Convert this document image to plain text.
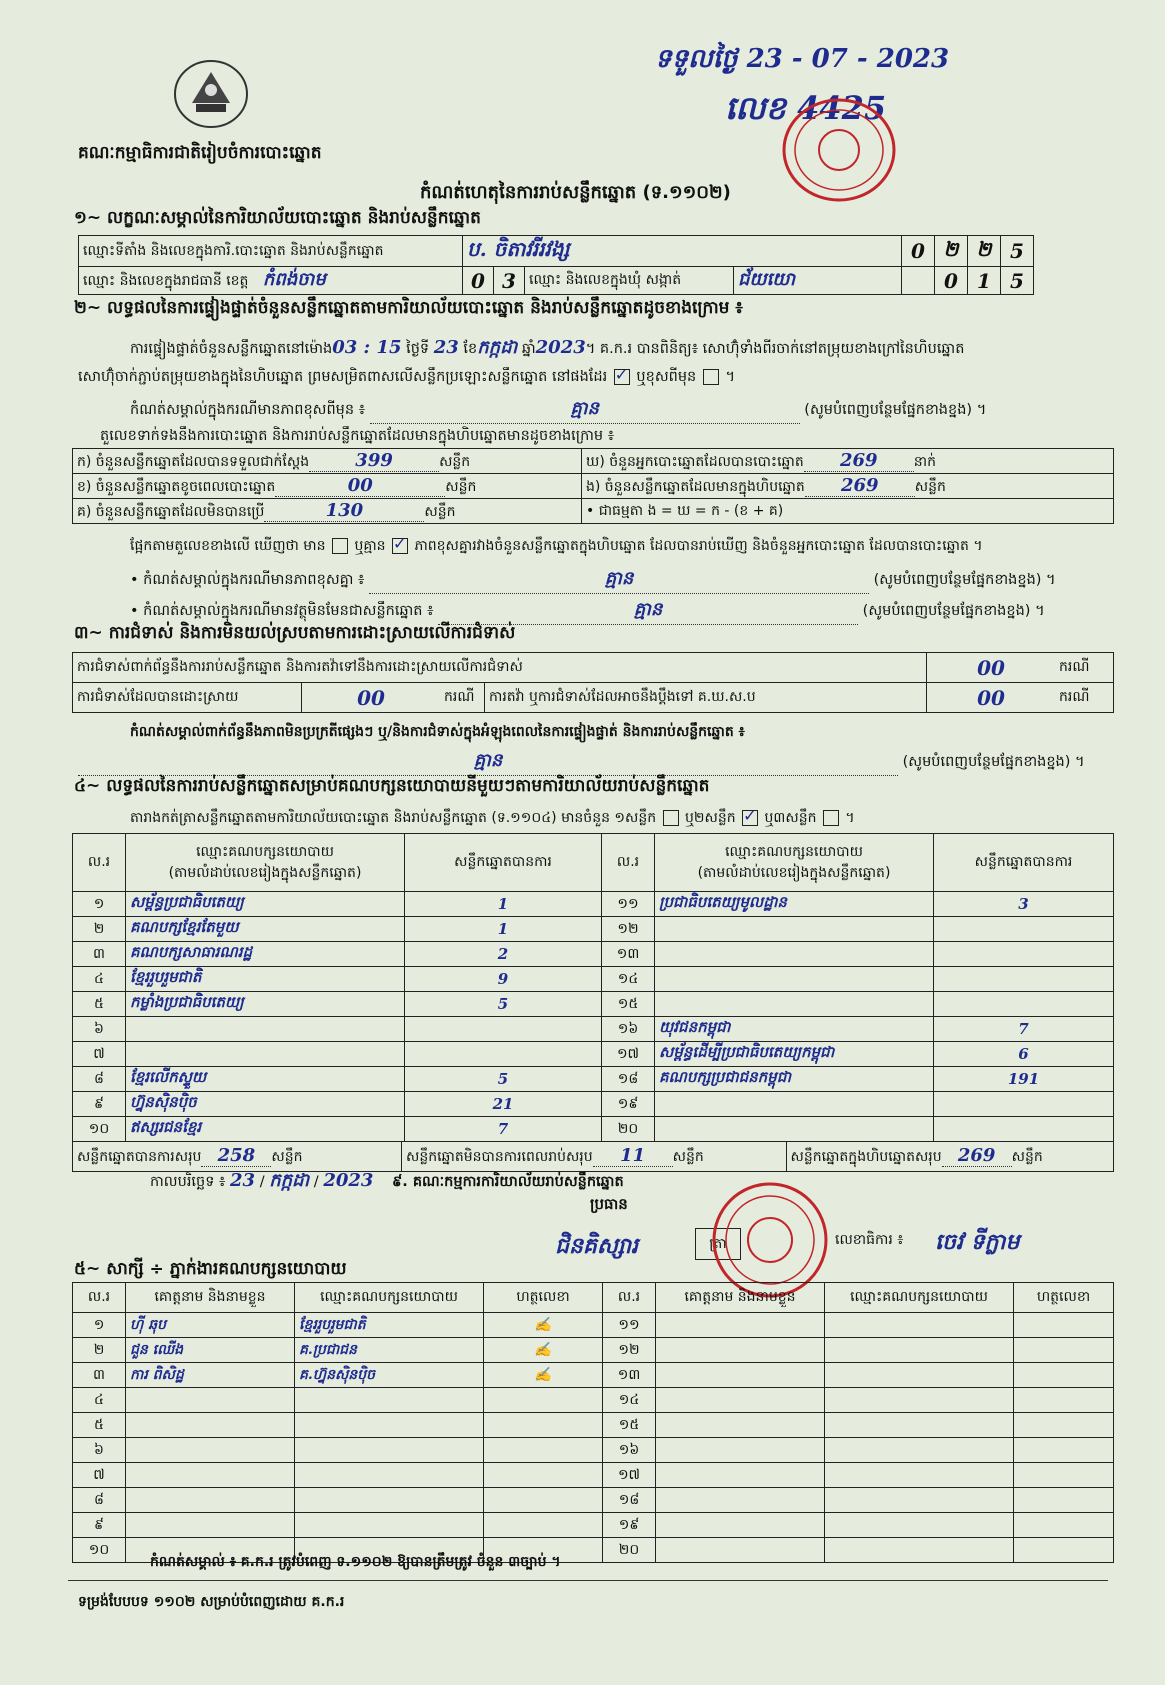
គណៈកម្មាធិការជាតិរៀបចំការបោះឆ្នោត
ទទួល​ថ្ងៃ 23 - 07 - 2023
លេខ 4425
កំណត់ហេតុនៃការរាប់សន្លឹកឆ្នោត (ទ.១១០២)
១~ លក្ខណៈសម្គាល់នៃការិយាល័យបោះឆ្នោត និងរាប់សន្លឹកឆ្នោត
ឈ្មោះទីតាំង និងលេខក្នុងការិ.បោះឆ្នោត និងរាប់សន្លឹកឆ្នោត	ប. ចិតាវរីរវង្ស				0	២	២	5
ឈ្មោះ និងលេខក្នុងរាជធានី ខេត្ត កំពង់ចាម	0	3	ឈ្មោះ និងលេខក្នុងឃុំ សង្កាត់	ជ័យយោ		0	1	5
២~ លទ្ធផលនៃការផ្ទៀងផ្ទាត់ចំនួនសន្លឹកឆ្នោតតាមការិយាល័យបោះឆ្នោត និងរាប់សន្លឹកឆ្នោតដូចខាងក្រោម ៖
ការផ្ទៀងផ្ទាត់ចំនួនសន្លឹកឆ្នោតនៅម៉ោង03 : 15 ថ្ងៃទី 23 ខែកក្កដា ឆ្នាំ2023។ គ.ក.រ បានពិនិត្យ៖ សោហ៊ុំទាំងពីរចាក់នៅតម្រុយខាងក្រៅនៃហិបឆ្នោត
សោហ៊ុំចាក់ភ្ជាប់តម្រុយខាងក្នុងនៃហិបឆ្នោត ព្រមសម្រិតពាសលើសន្លឹកប្រឡោះសន្លឹកឆ្នោត នៅផងដែរ ✓ ឬខុសពីមុន  ។
កំណត់សម្គាល់ក្នុងករណីមានភាពខុសពីមុន ៖	គ្មាន	(សូមបំពេញបន្ថែមផ្នែកខាងខ្នង) ។
តួលេខទាក់ទងនឹងការបោះឆ្នោត និងការរាប់សន្លឹកឆ្នោតដែលមានក្នុងហិបឆ្នោតមានដូចខាងក្រោម ៖
ក) ចំនួនសន្លឹកឆ្នោតដែលបានទទួលជាក់ស្តែង 399 សន្លឹក	ឃ) ចំនួនអ្នកបោះឆ្នោតដែលបានបោះឆ្នោត 269 នាក់
ខ) ចំនួនសន្លឹកឆ្នោតខូចពេលបោះឆ្នោត 00 សន្លឹក	ង) ចំនួនសន្លឹកឆ្នោតដែលមានក្នុងហិបឆ្នោត 269 សន្លឹក
គ) ចំនួនសន្លឹកឆ្នោតដែលមិនបានប្រើ 130 សន្លឹក	• ជាធម្មតា ង = ឃ = ក - (ខ + គ)
ផ្អែកតាមតួលេខខាងលើ ឃើញថា មាន ឬគ្មាន ✓ ភាពខុសគ្នារវាងចំនួនសន្លឹកឆ្នោតក្នុងហិបឆ្នោត ដែលបានរាប់ឃើញ និងចំនួនអ្នកបោះឆ្នោត ដែលបានបោះឆ្នោត ។
• កំណត់សម្គាល់ក្នុងករណីមានភាពខុសគ្នា ៖	គ្មាន	(សូមបំពេញបន្ថែមផ្នែកខាងខ្នង) ។
• កំណត់សម្គាល់ក្នុងករណីមានវត្ថុមិនមែនជាសន្លឹកឆ្នោត ៖	គ្មាន	(សូមបំពេញបន្ថែមផ្នែកខាងខ្នង) ។
៣~ ការជំទាស់ និងការមិនយល់ស្របតាមការដោះស្រាយលើការជំទាស់
ការជំទាស់ពាក់ព័ន្ធនឹងការរាប់សន្លឹកឆ្នោត និងការតវ៉ាទៅនឹងការដោះស្រាយលើការជំទាស់				00	ករណី
ការជំទាស់ដែលបានដោះស្រាយ	00	ករណី	ការតវ៉ា ឬការជំទាស់ដែលអាចនឹងប្តឹងទៅ គ.ឃ.ស.ប	00	ករណី
កំណត់សម្គាល់ពាក់ព័ន្ធនឹងភាពមិនប្រក្រតីផ្សេងៗ ឬ/និងការជំទាស់ក្នុងអំឡុងពេលនៃការផ្ទៀងផ្ទាត់ និងការរាប់សន្លឹកឆ្នោត ៖
គ្មាន	(សូមបំពេញបន្ថែមផ្នែកខាងខ្នង) ។
៤~ លទ្ធផលនៃការរាប់សន្លឹកឆ្នោតសម្រាប់គណបក្សនយោបាយនីមួយៗតាមការិយាល័យរាប់សន្លឹកឆ្នោត
តារាងកត់ត្រាសន្លឹកឆ្នោតតាមការិយាល័យបោះឆ្នោត និងរាប់សន្លឹកឆ្នោត (ទ.១១០៤) មានចំនួន ១សន្លឹក ឬ២សន្លឹក ✓ ឬ៣សន្លឹក  ។
ល.រ	ឈ្មោះគណបក្សនយោបាយ
(តាមលំដាប់លេខរៀងក្នុងសន្លឹកឆ្នោត)	សន្លឹកឆ្នោតបានការ	ល.រ	ឈ្មោះគណបក្សនយោបាយ
(តាមលំដាប់លេខរៀងក្នុងសន្លឹកឆ្នោត)	សន្លឹកឆ្នោតបានការ
១	សម្ព័ន្ធប្រជាធិបតេយ្យ	1	១១	ប្រជាធិបតេយ្យមូលដ្ឋាន	3
២	គណបក្សខ្មែរតែមួយ	1	១២		
៣	គណបក្សសាធារណរដ្ឋ	2	១៣		
៤	ខ្មែររួបរួមជាតិ	9	១៤		
៥	កម្លាំងប្រជាធិបតេយ្យ	5	១៥		
៦			១៦	យុវជនកម្ពុជា	7
៧			១៧	សម្ព័ន្ធដើម្បីប្រជាធិបតេយ្យកម្ពុជា	6
៨	ខ្មែរលើកស្ទួយ	5	១៨	គណបក្សប្រជាជនកម្ពុជា	191
៩	ហ្វ៊ុនស៊ិនប៉ិច	21	១៩		
១០	ឥស្សរជនខ្មែរ	7	២០		
សន្លឹកឆ្នោតបានការសរុប 258 សន្លឹក	សន្លឹកឆ្នោតមិនបានការពេលរាប់សរុប 11 សន្លឹក	សន្លឹកឆ្នោតក្នុងហិបឆ្នោតសរុប 269 សន្លឹក
កាលបរិច្ឆេទ ៖ 23 / កក្កដា / 2023 ៩. គណៈកម្មការការិយាល័យរាប់សន្លឹកឆ្នោត
ប្រធាន
ជិនគិស្សារ	ត្រា	លេខាធិការ ៖ ចេវ ទីក្លាម
៥~ សាក្សី ÷ ភ្នាក់ងារគណបក្សនយោបាយ
ល.រ	គោត្តនាម និងនាមខ្លួន	ឈ្មោះគណបក្សនយោបាយ	ហត្ថលេខា	ល.រ	គោត្តនាម និងនាមខ្លួន	ឈ្មោះគណបក្សនយោបាយ	ហត្ថលេខា
១	ហ៊ី ឆុប	ខ្មែររួបរួមជាតិ	✍	១១			
២	ជួន ឈើង	គ.ប្រជាជន	✍	១២			
៣	ការ ពិសិដ្ឋ	គ.ហ្វ៊ុនស៊ិនប៉ិច	✍	១៣			
៤				១៤			
៥				១៥			
៦				១៦			
៧				១៧			
៨				១៨			
៩				១៩			
១០				២០			
កំណត់សម្គាល់ ៖ គ.ក.រ ត្រូវបំពេញ ទ.១១០២ ឱ្យបានត្រឹមត្រូវ ចំនួន ៣ច្បាប់ ។
ទម្រង់បែបបទ ១១០២ សម្រាប់បំពេញដោយ គ.ក.រ
